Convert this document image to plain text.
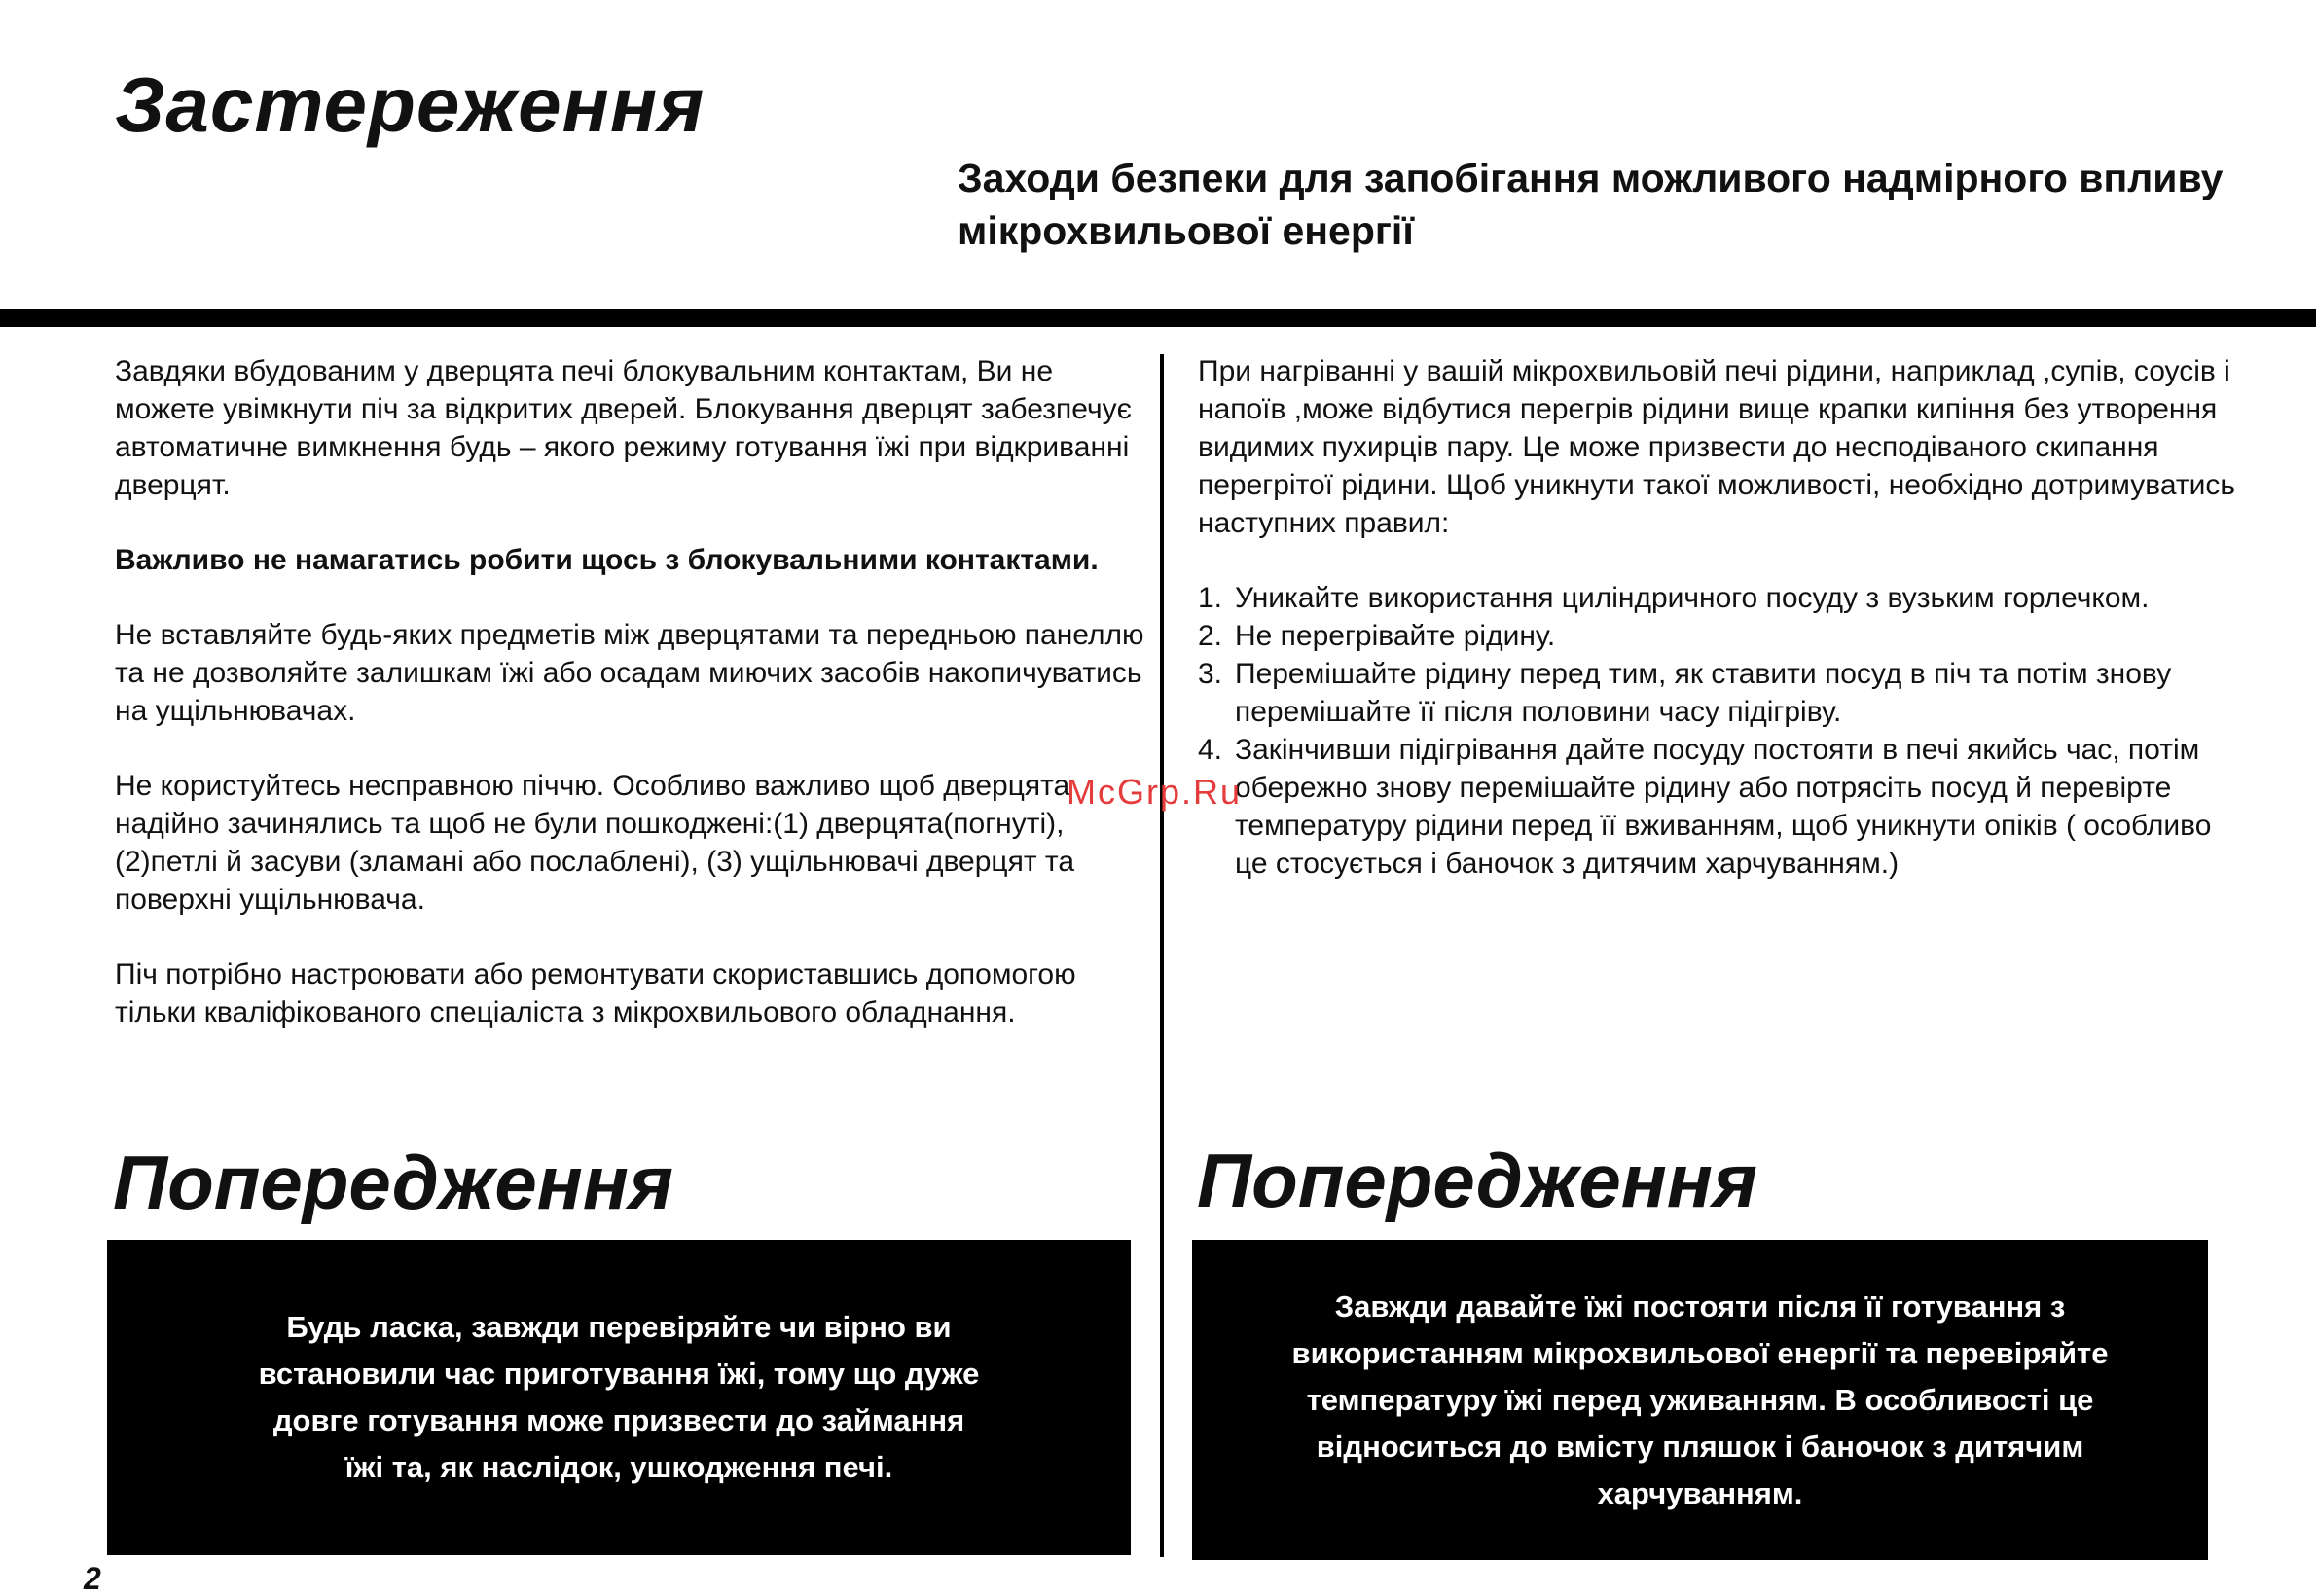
Застереження
Заходи безпеки для запобігання можливого надмірного впливу мікрохвильової енергії

Завдяки вбудованим у дверцята печі блокувальним контактам, Ви не можете увімкнути піч за відкритих дверей. Блокування дверцят забезпечує автоматичне вимкнення будь – якого режиму готування їжі при відкриванні дверцят.

Важливо не намагатись робити щось з блокувальними контактами.

Не вставляйте будь-яких предметів між дверцятами та передньою панеллю та не дозволяйте залишкам їжі або осадам миючих засобів накопичуватись на ущільнювачах.

Не користуйтесь несправною піччю. Особливо важливо щоб дверцята надійно зачинялись та щоб не були пошкоджені:(1) дверцята(погнуті), (2)петлі й засуви (зламані або послаблені), (3) ущільнювачі дверцят та поверхні ущільнювача.

Піч потрібно настроювати або ремонтувати скориставшись допомогою тільки кваліфікованого спеціаліста з мікрохвильового обладнання.

При нагріванні у вашій мікрохвильовій печі рідини, наприклад ,супів, соусів і напоїв ,може відбутися перегрів рідини вище крапки кипіння без утворення видимих пухирців пару. Це може призвести до несподіваного скипання перегрітої рідини. Щоб уникнути такої можливості, необхідно дотримуватись наступних правил:

1. Уникайте використання циліндричного посуду з вузьким горлечком.
2. Не перегрівайте рідину.
3. Перемішайте рідину перед тим, як ставити посуд в піч та потім знову перемішайте її після половини часу підігріву.
4. Закінчивши підігрівання дайте посуду постояти в печі якийсь час, потім обережно знову перемішайте рідину або потрясіть посуд й перевірте температуру рідини перед її вживанням, щоб уникнути опіків ( особливо це стосується і баночок з дитячим харчуванням.)
McGrp.Ru
Попередження	Попередження
Будь ласка, завжди перевіряйте чи вірно ви встановили час приготування їжі, тому що дуже довге готування може призвести до займання їжі та, як наслідок, ушкодження печі.
Завжди давайте їжі постояти після її готування з використанням мікрохвильової енергії та перевіряйте температуру їжі перед уживанням. В особливості це відноситься до вмісту пляшок і баночок з дитячим харчуванням.
2
